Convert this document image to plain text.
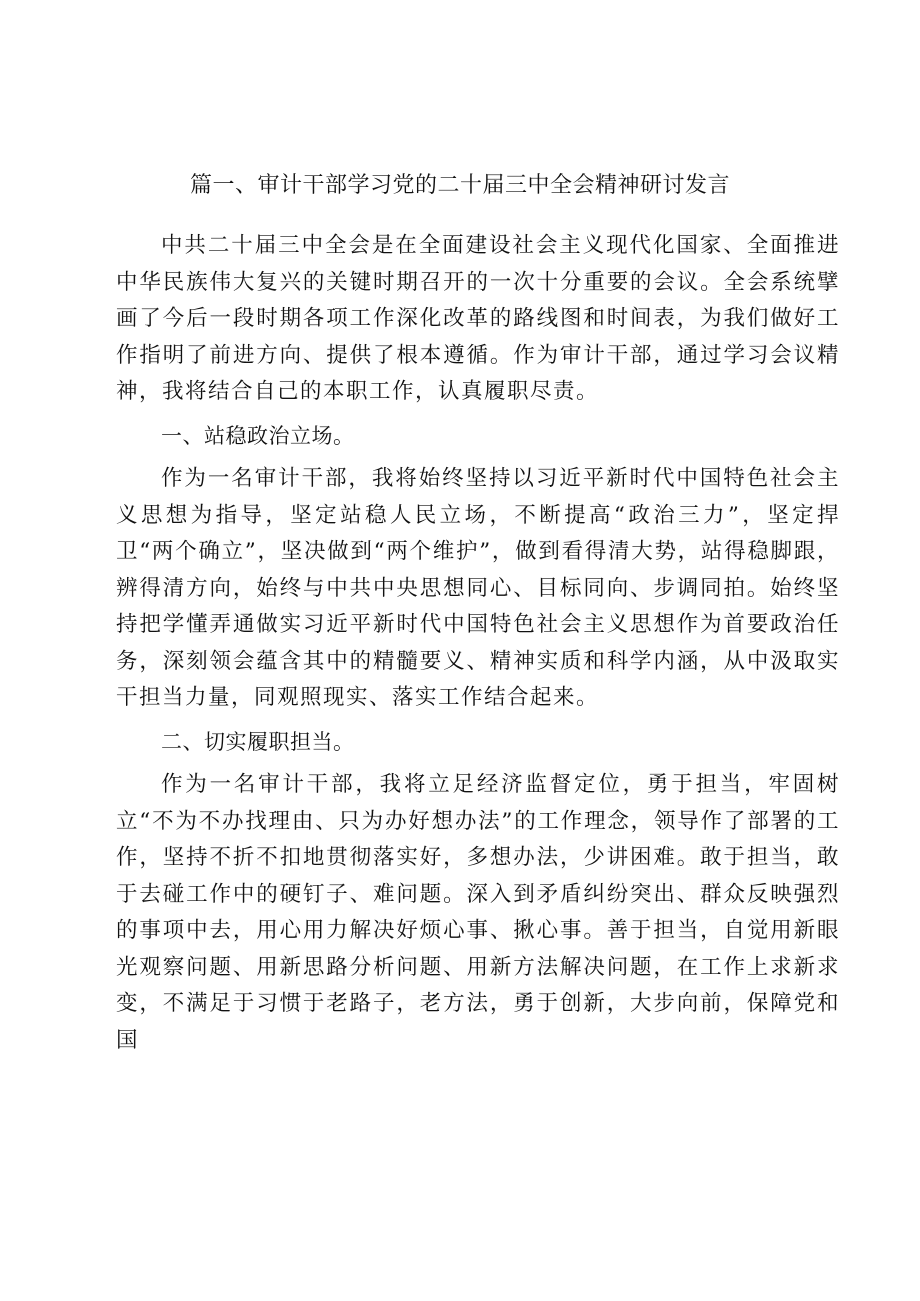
篇一、审计干部学习党的二十届三中全会精神研讨发言

中共二十届三中全会是在全面建设社会主义现代化国家、全面推进中华民族伟大复兴的关键时期召开的一次十分重要的会议。全会系统擘画了今后一段时期各项工作深化改革的路线图和时间表，为我们做好工作指明了前进方向、提供了根本遵循。作为审计干部，通过学习会议精神，我将结合自己的本职工作，认真履职尽责。

一、站稳政治立场。

作为一名审计干部，我将始终坚持以习近平新时代中国特色社会主义思想为指导，坚定站稳人民立场，不断提高“政治三力”，坚定捍卫“两个确立”，坚决做到“两个维护”，做到看得清大势，站得稳脚跟，辨得清方向，始终与中共中央思想同心、目标同向、步调同拍。始终坚持把学懂弄通做实习近平新时代中国特色社会主义思想作为首要政治任务，深刻领会蕴含其中的精髓要义、精神实质和科学内涵，从中汲取实干担当力量，同观照现实、落实工作结合起来。

二、切实履职担当。

作为一名审计干部，我将立足经济监督定位，勇于担当，牢固树立“不为不办找理由、只为办好想办法”的工作理念，领导作了部署的工作，坚持不折不扣地贯彻落实好，多想办法，少讲困难。敢于担当，敢于去碰工作中的硬钉子、难问题。深入到矛盾纠纷突出、群众反映强烈的事项中去，用心用力解决好烦心事、揪心事。善于担当，自觉用新眼光观察问题、用新思路分析问题、用新方法解决问题，在工作上求新求变，不满足于习惯于老路子，老方法，勇于创新，大步向前，保障党和国
